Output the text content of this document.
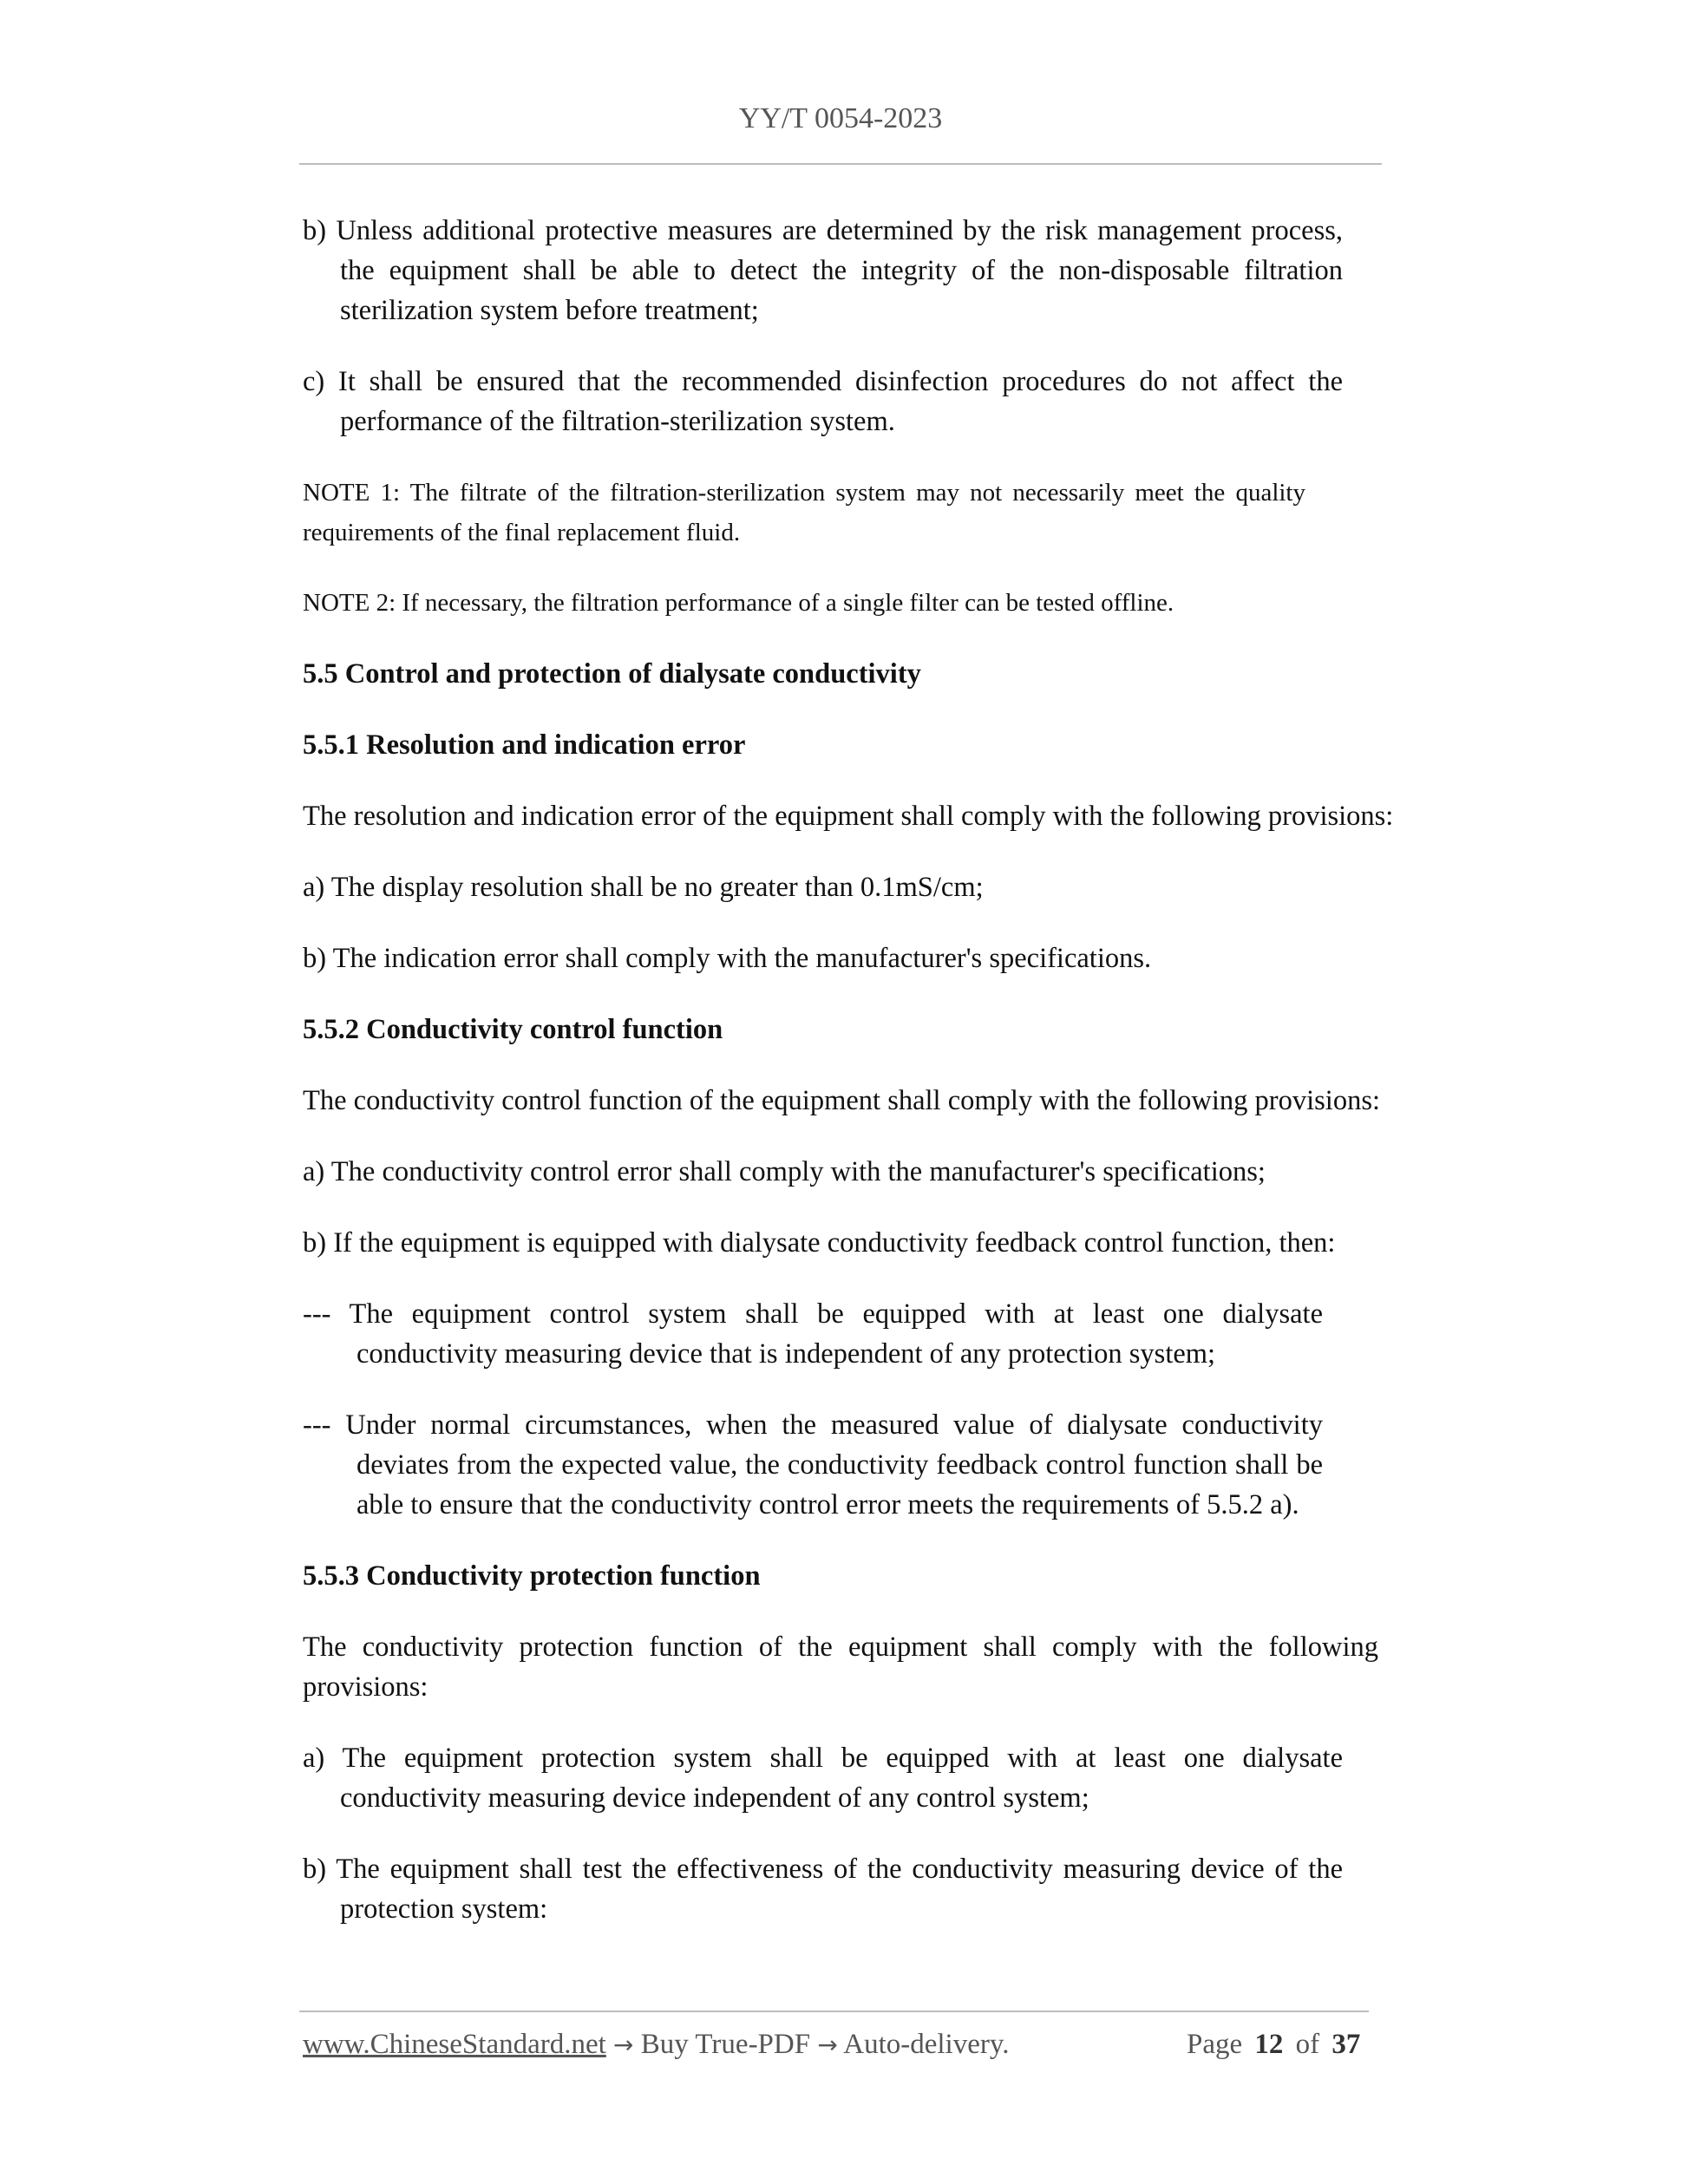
YY/T 0054-2023

b) Unless additional protective measures are determined by the risk management process, the equipment shall be able to detect the integrity of the non-disposable filtration sterilization system before treatment;

c) It shall be ensured that the recommended disinfection procedures do not affect the performance of the filtration-sterilization system.

NOTE 1: The filtrate of the filtration-sterilization system may not necessarily meet the quality requirements of the final replacement fluid.

NOTE 2: If necessary, the filtration performance of a single filter can be tested offline.

5.5 Control and protection of dialysate conductivity

5.5.1 Resolution and indication error

The resolution and indication error of the equipment shall comply with the following provisions:

a) The display resolution shall be no greater than 0.1mS/cm;

b) The indication error shall comply with the manufacturer's specifications.

5.5.2 Conductivity control function

The conductivity control function of the equipment shall comply with the following provisions:

a) The conductivity control error shall comply with the manufacturer's specifications;

b) If the equipment is equipped with dialysate conductivity feedback control function, then:

--- The equipment control system shall be equipped with at least one dialysate conductivity measuring device that is independent of any protection system;

--- Under normal circumstances, when the measured value of dialysate conductivity deviates from the expected value, the conductivity feedback control function shall be able to ensure that the conductivity control error meets the requirements of 5.5.2 a).

5.5.3 Conductivity protection function

The conductivity protection function of the equipment shall comply with the following provisions:

a) The equipment protection system shall be equipped with at least one dialysate conductivity measuring device independent of any control system;

b) The equipment shall test the effectiveness of the conductivity measuring device of the protection system:

www.ChineseStandard.net → Buy True-PDF → Auto-delivery.	Page 12 of 37
